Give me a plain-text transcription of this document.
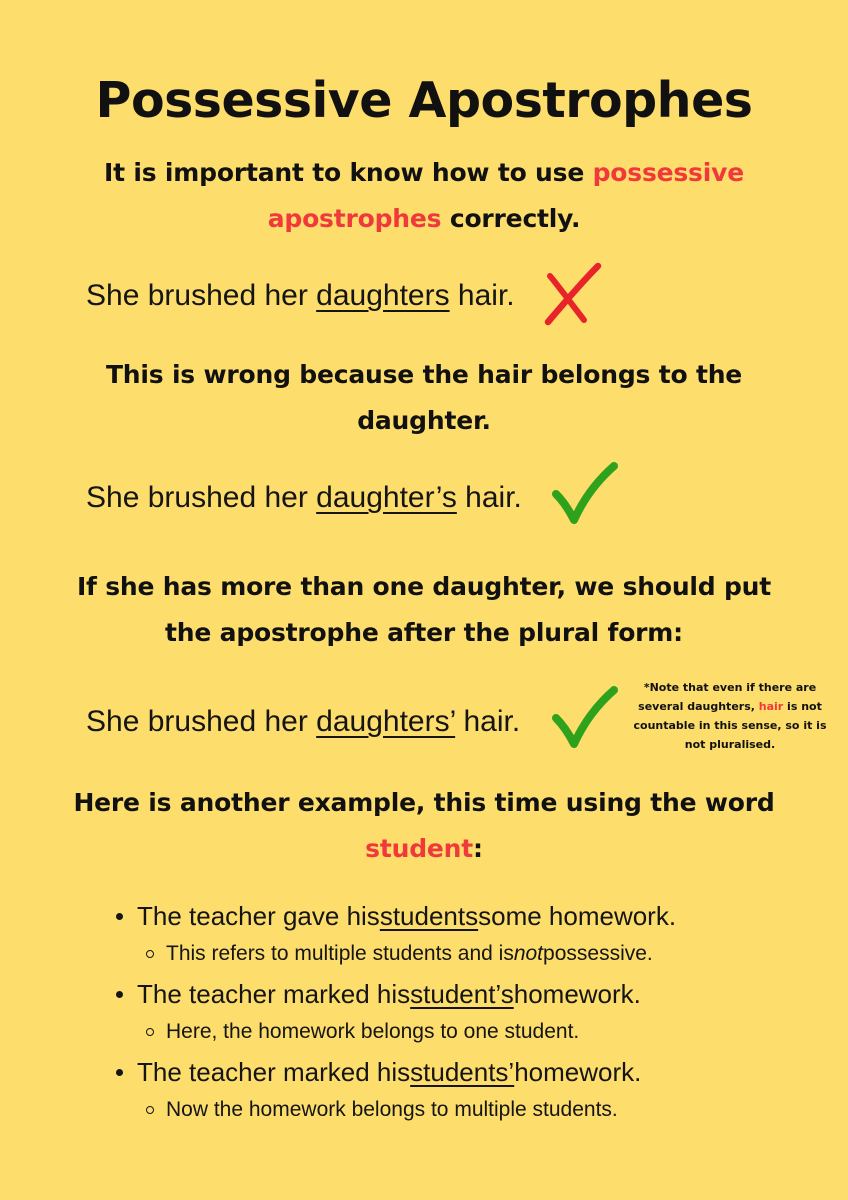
Possessive Apostrophes
It is important to know how to use possessive apostrophes correctly.
She brushed her daughters hair.
This is wrong because the hair belongs to the daughter.
She brushed her daughter’s hair.
If she has more than one daughter, we should put the apostrophe after the plural form:
She brushed her daughters’ hair.
*Note that even if there are several daughters, hair is not countable in this sense, so it is not pluralised.
Here is another example, this time using the word student:
The teacher gave his students some homework.
This refers to multiple students and is not possessive.
The teacher marked his student’s homework.
Here, the homework belongs to one student.
The teacher marked his students’ homework.
Now the homework belongs to multiple students.
